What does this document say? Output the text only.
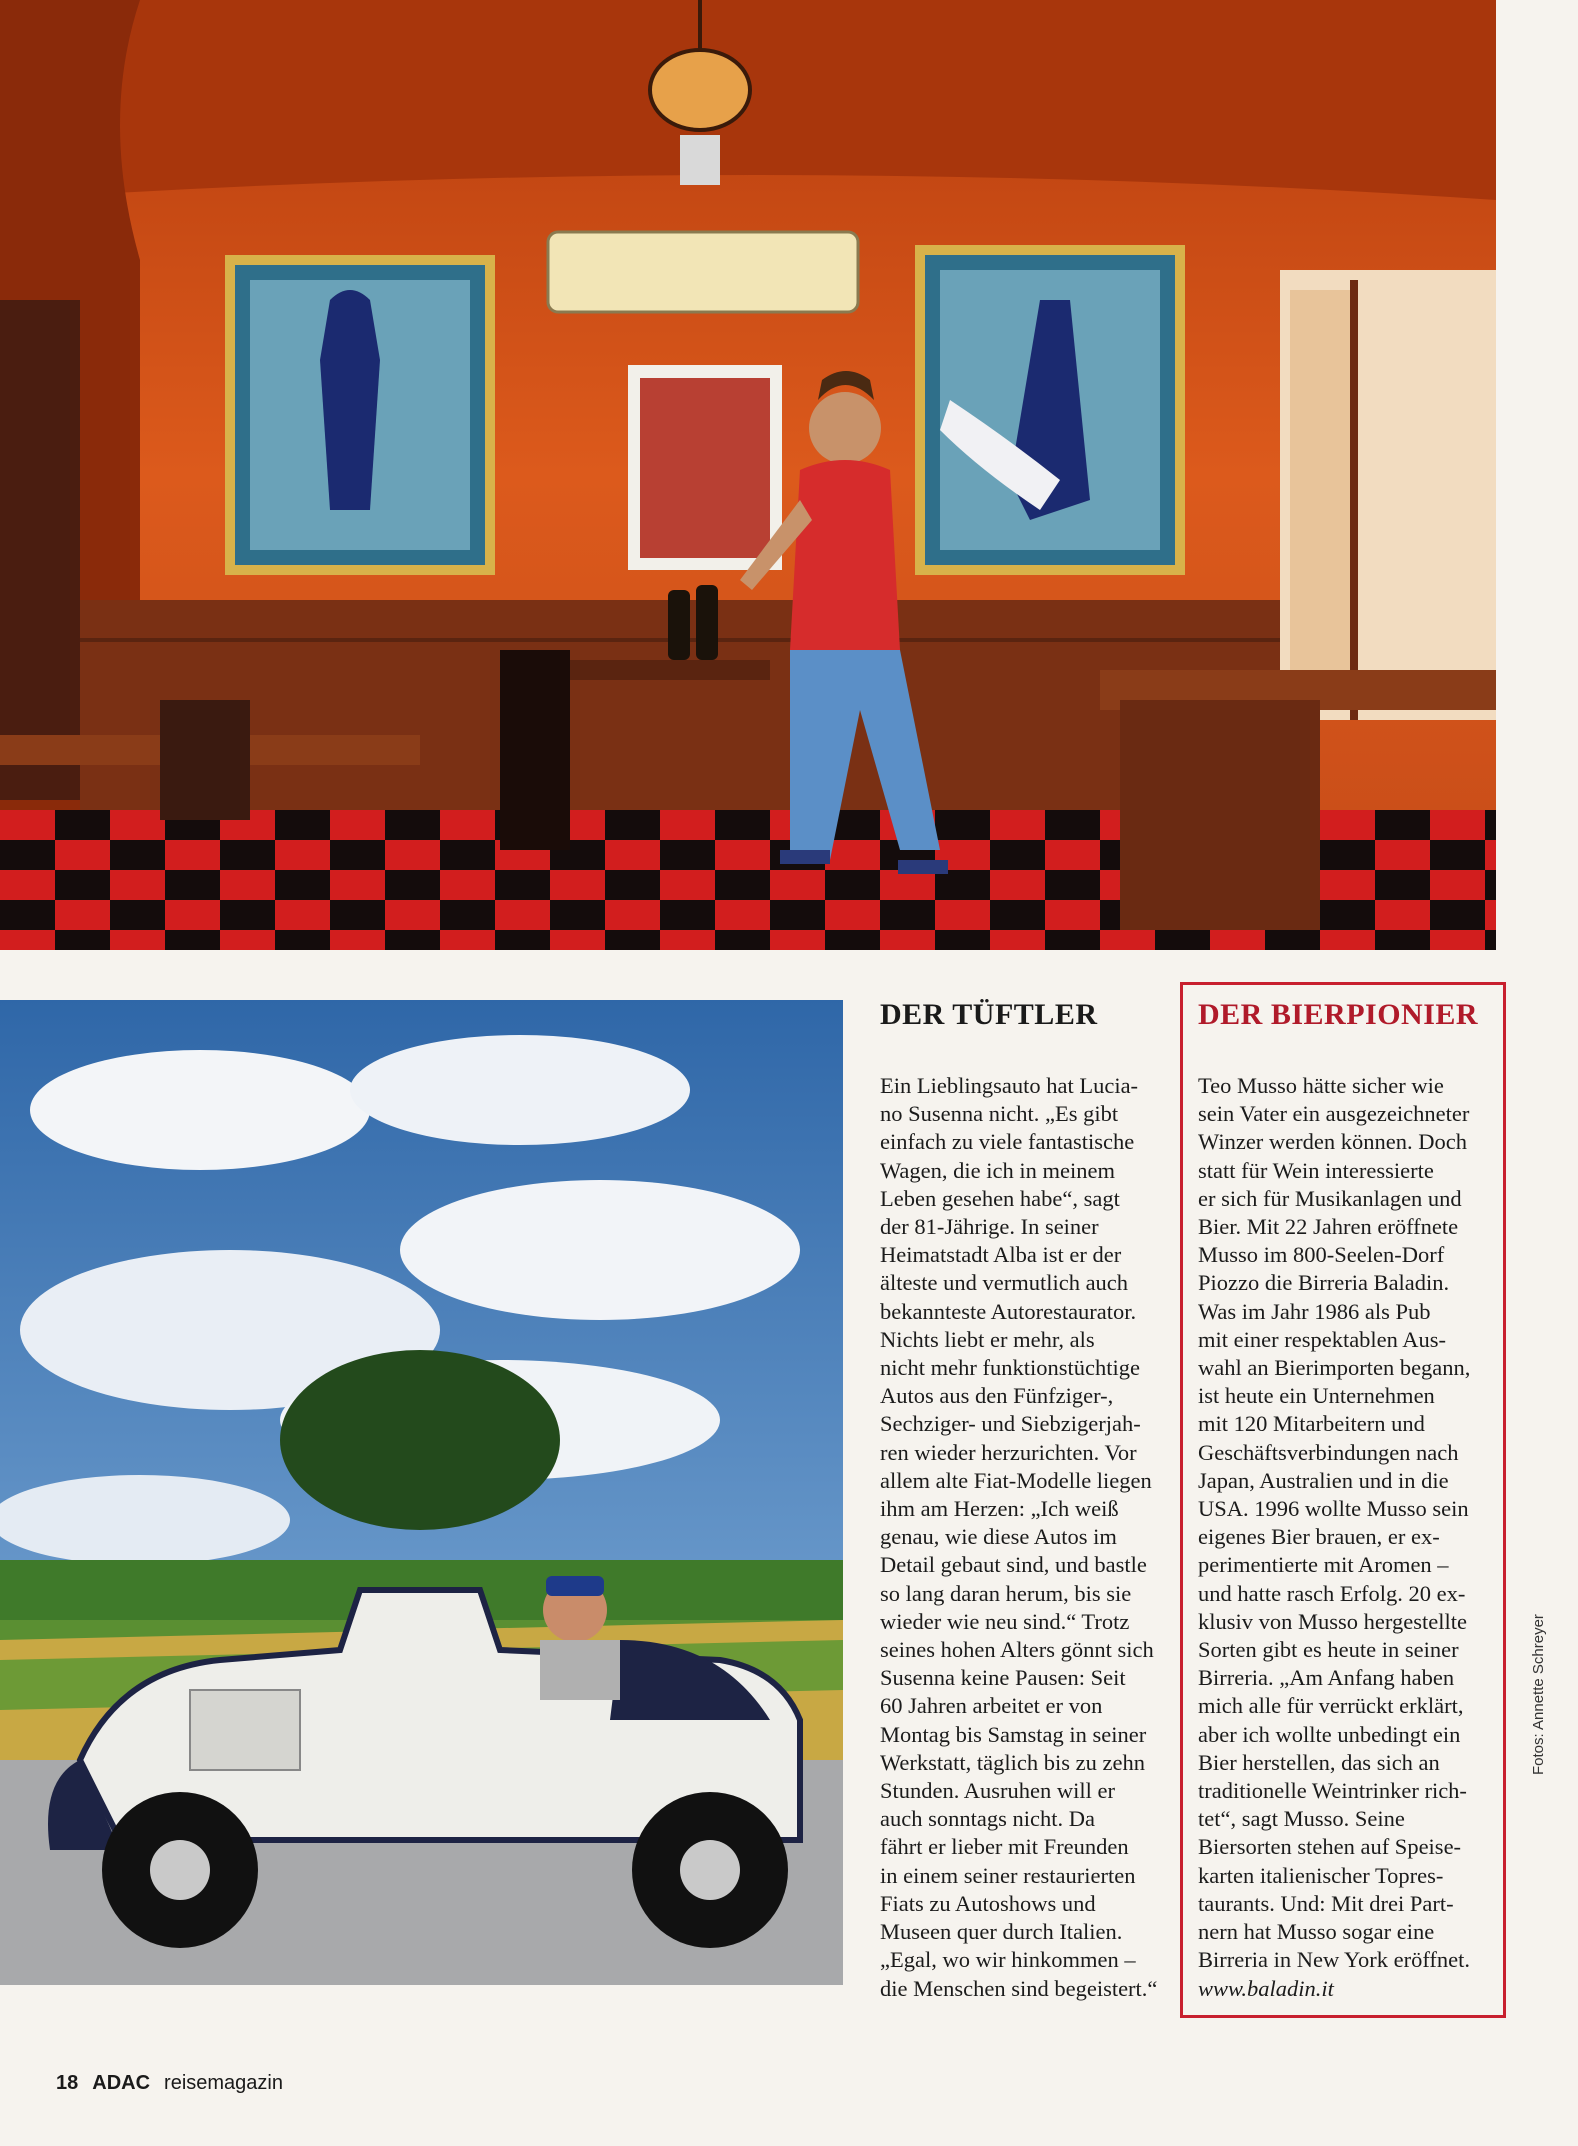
DER TÜFTLER

Ein Lieblingsauto hat Lucia-

no Susenna nicht. „Es gibt

einfach zu viele fantastische

Wagen, die ich in meinem

Leben gesehen habe“, sagt

der 81-Jährige. In seiner

Heimatstadt Alba ist er der

älteste und vermutlich auch

bekannteste Autorestaurator.

Nichts liebt er mehr, als

nicht mehr funktionstüchtige

Autos aus den Fünfziger-,

Sechziger- und Siebzigerjah-

ren wieder herzurichten. Vor

allem alte Fiat-Modelle liegen

ihm am Herzen: „Ich weiß

genau, wie diese Autos im

Detail gebaut sind, und bastle

so lang daran herum, bis sie

wieder wie neu sind.“ Trotz

seines hohen Alters gönnt sich

Susenna keine Pausen: Seit

60 Jahren arbeitet er von

Montag bis Samstag in seiner

Werkstatt, täglich bis zu zehn

Stunden. Ausruhen will er

auch sonntags nicht. Da

fährt er lieber mit Freunden

in einem seiner restaurierten

Fiats zu Autoshows und

Museen quer durch Italien.

„Egal, wo wir hinkommen –

die Menschen sind begeistert.“

DER BIERPIONIER

Teo Musso hätte sicher wie

sein Vater ein ausgezeichneter

Winzer werden können. Doch

statt für Wein interessierte

er sich für Musikanlagen und

Bier. Mit 22 Jahren eröffnete

Musso im 800-Seelen-Dorf

Piozzo die Birreria Baladin.

Was im Jahr 1986 als Pub

mit einer respektablen Aus-

wahl an Bierimporten begann,

ist heute ein Unternehmen

mit 120 Mitarbeitern und

Geschäftsverbindungen nach

Japan, Australien und in die

USA. 1996 wollte Musso sein

eigenes Bier brauen, er ex-

perimentierte mit Aromen –

und hatte rasch Erfolg. 20 ex-

klusiv von Musso hergestellte

Sorten gibt es heute in seiner

Birreria. „Am Anfang haben

mich alle für verrückt erklärt,

aber ich wollte unbedingt ein

Bier herstellen, das sich an

traditionelle Weintrinker rich-

tet“, sagt Musso. Seine

Biersorten stehen auf Speise-

karten italienischer Topres-

taurants. Und: Mit drei Part-

nern hat Musso sogar eine

Birreria in New York eröffnet.

www.baladin.it

18 ADAC reisemagazin
Fotos: Annette Schreyer
